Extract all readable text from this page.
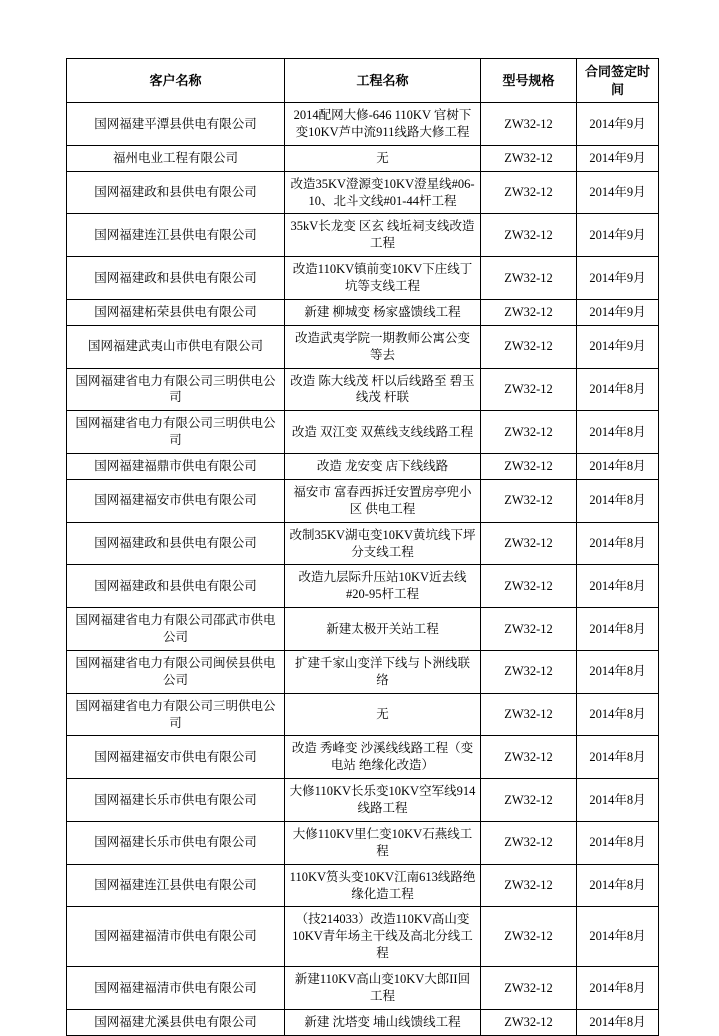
客户名称	工程名称	型号规格	合同签定时间
国网福建平潭县供电有限公司	2014配网大修-646 110KV 官树下变10KV芦中流911线路大修工程	ZW32-12	2014年9月
福州电业工程有限公司	无	ZW32-12	2014年9月
国网福建政和县供电有限公司	改造35KV澄源变10KV澄星线#06-10、北斗文线#01-44杆工程	ZW32-12	2014年9月
国网福建连江县供电有限公司	35kV长龙变 区玄 线坵祠支线改造工程	ZW32-12	2014年9月
国网福建政和县供电有限公司	改造110KV镇前变10KV下庄线丁坑等支线工程	ZW32-12	2014年9月
国网福建柘荣县供电有限公司	新建 柳城变 杨家盛馈线工程	ZW32-12	2014年9月
国网福建武夷山市供电有限公司	改造武夷学院一期教师公寓公变等去	ZW32-12	2014年9月
国网福建省电力有限公司三明供电公司	改造 陈大线茂 杆以后线路至 碧玉线茂 杆联	ZW32-12	2014年8月
国网福建省电力有限公司三明供电公司	改造 双江变 双蕉线支线线路工程	ZW32-12	2014年8月
国网福建福鼎市供电有限公司	改造 龙安变 店下线线路	ZW32-12	2014年8月
国网福建福安市供电有限公司	福安市 富春西拆迁安置房亭兜小区 供电工程	ZW32-12	2014年8月
国网福建政和县供电有限公司	改制35KV湖屯变10KV黄坑线下坪分支线工程	ZW32-12	2014年8月
国网福建政和县供电有限公司	改造九层际升压站10KV近去线#20-95杆工程	ZW32-12	2014年8月
国网福建省电力有限公司邵武市供电公司	新建太极开关站工程	ZW32-12	2014年8月
国网福建省电力有限公司闽侯县供电公司	扩建千家山变洋下线与卜洲线联络	ZW32-12	2014年8月
国网福建省电力有限公司三明供电公司	无	ZW32-12	2014年8月
国网福建福安市供电有限公司	改造 秀峰变 沙溪线线路工程（变电站 绝缘化改造）	ZW32-12	2014年8月
国网福建长乐市供电有限公司	大修110KV长乐变10KV空军线914线路工程	ZW32-12	2014年8月
国网福建长乐市供电有限公司	大修110KV里仁变10KV石燕线工程	ZW32-12	2014年8月
国网福建连江县供电有限公司	110KV筼头变10KV江南613线路绝缘化造工程	ZW32-12	2014年8月
国网福建福清市供电有限公司	（技214033）改造110KV高山变10KV青年场主干线及高北分线工程	ZW32-12	2014年8月
国网福建福清市供电有限公司	新建110KV高山变10KV大郎II回工程	ZW32-12	2014年8月
国网福建尤溪县供电有限公司	新建 沈塔变 埔山线馈线工程	ZW32-12	2014年8月
